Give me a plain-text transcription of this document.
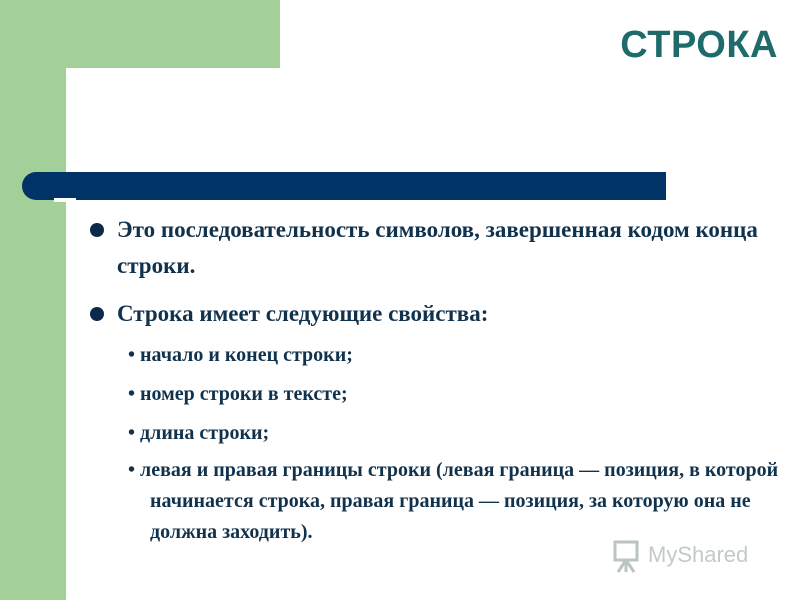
СТРОКА

Это последовательность символов, завершенная кодом конца строки.

Строка имеет следующие свойства:

• начало и конец строки;

• номер строки в тексте;

• длина строки;

• левая и правая границы строки (левая граница — позиция, в которой начинается строка, правая граница — позиция, за которую она не должна заходить).

MyShared
